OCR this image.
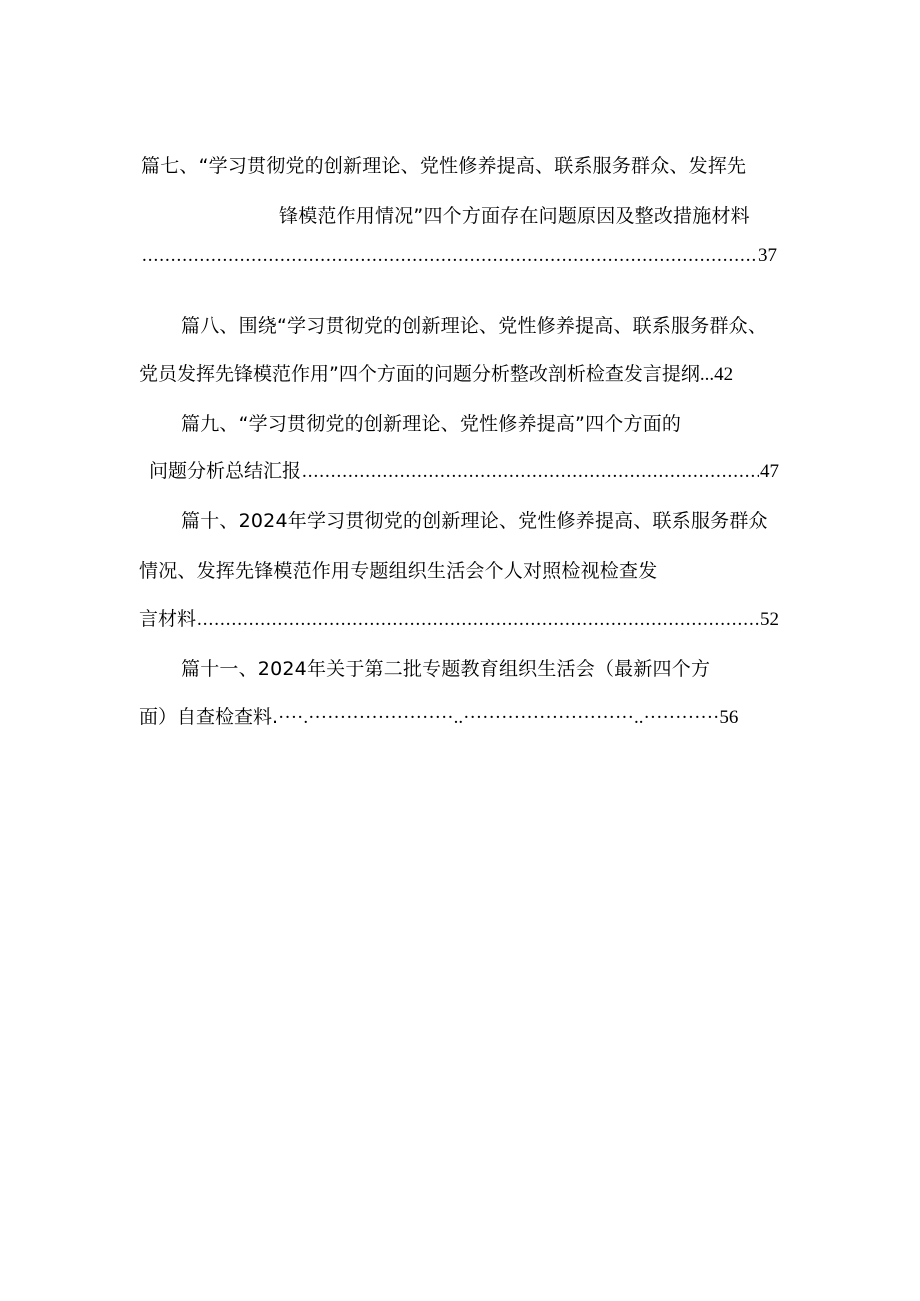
篇七、“学习贯彻党的创新理论、党性修养提高、联系服务群众、发挥先
锋模范作用情况”四个方面存在问题原因及整改措施材料
.....
37
篇八、围绕“学习贯彻党的创新理论、党性修养提高、联系服务群众、
党员发挥先锋模范作用”四个方面的问题分析整改剖析检查发言提纲 ... 42
篇九、“学习贯彻党的创新理论、党性修养提高”四个方面的
问题分析总结汇报 .....	47
篇十、2024年学习贯彻党的创新理论、党性修养提高、联系服务群众
情况、发挥先锋模范作用专题组织生活会个人对照检视检查发
言材料 .....	52
篇十一、2024年关于第二批专题教育组织生活会（最新四个方
面）自查检查料. ····.·······················..···························..············ 56
